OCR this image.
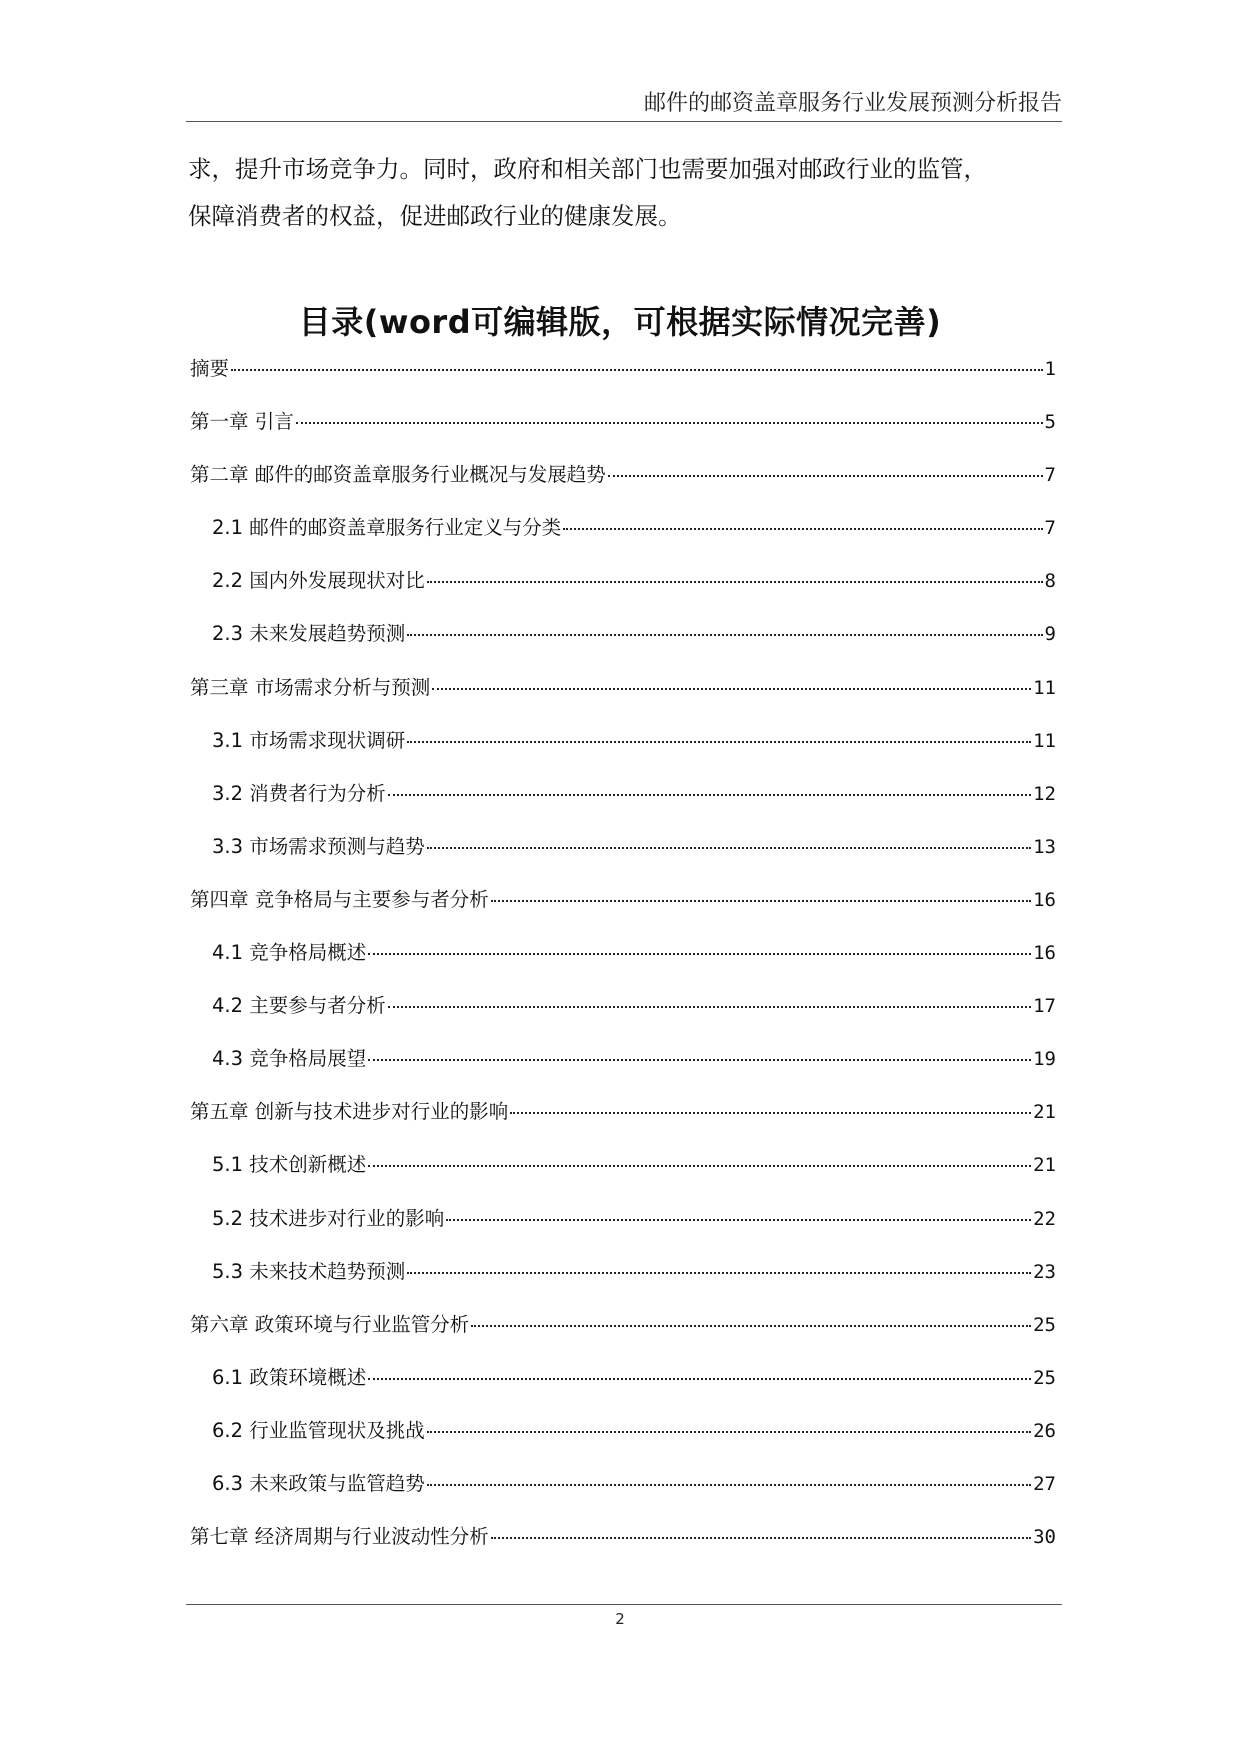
邮件的邮资盖章服务行业发展预测分析报告

求，提升市场竞争力。同时，政府和相关部门也需要加强对邮政行业的监管，

保障消费者的权益，促进邮政行业的健康发展。

目录(word可编辑版，可根据实际情况完善)
摘要	1
第一章 引言	5
第二章 邮件的邮资盖章服务行业概况与发展趋势	7
2.1 邮件的邮资盖章服务行业定义与分类	7
2.2 国内外发展现状对比	8
2.3 未来发展趋势预测	9
第三章 市场需求分析与预测	11
3.1 市场需求现状调研	11
3.2 消费者行为分析	12
3.3 市场需求预测与趋势	13
第四章 竞争格局与主要参与者分析	16
4.1 竞争格局概述	16
4.2 主要参与者分析	17
4.3 竞争格局展望	19
第五章 创新与技术进步对行业的影响	21
5.1 技术创新概述	21
5.2 技术进步对行业的影响	22
5.3 未来技术趋势预测	23
第六章 政策环境与行业监管分析	25
6.1 政策环境概述	25
6.2 行业监管现状及挑战	26
6.3 未来政策与监管趋势	27
第七章 经济周期与行业波动性分析	30
2
